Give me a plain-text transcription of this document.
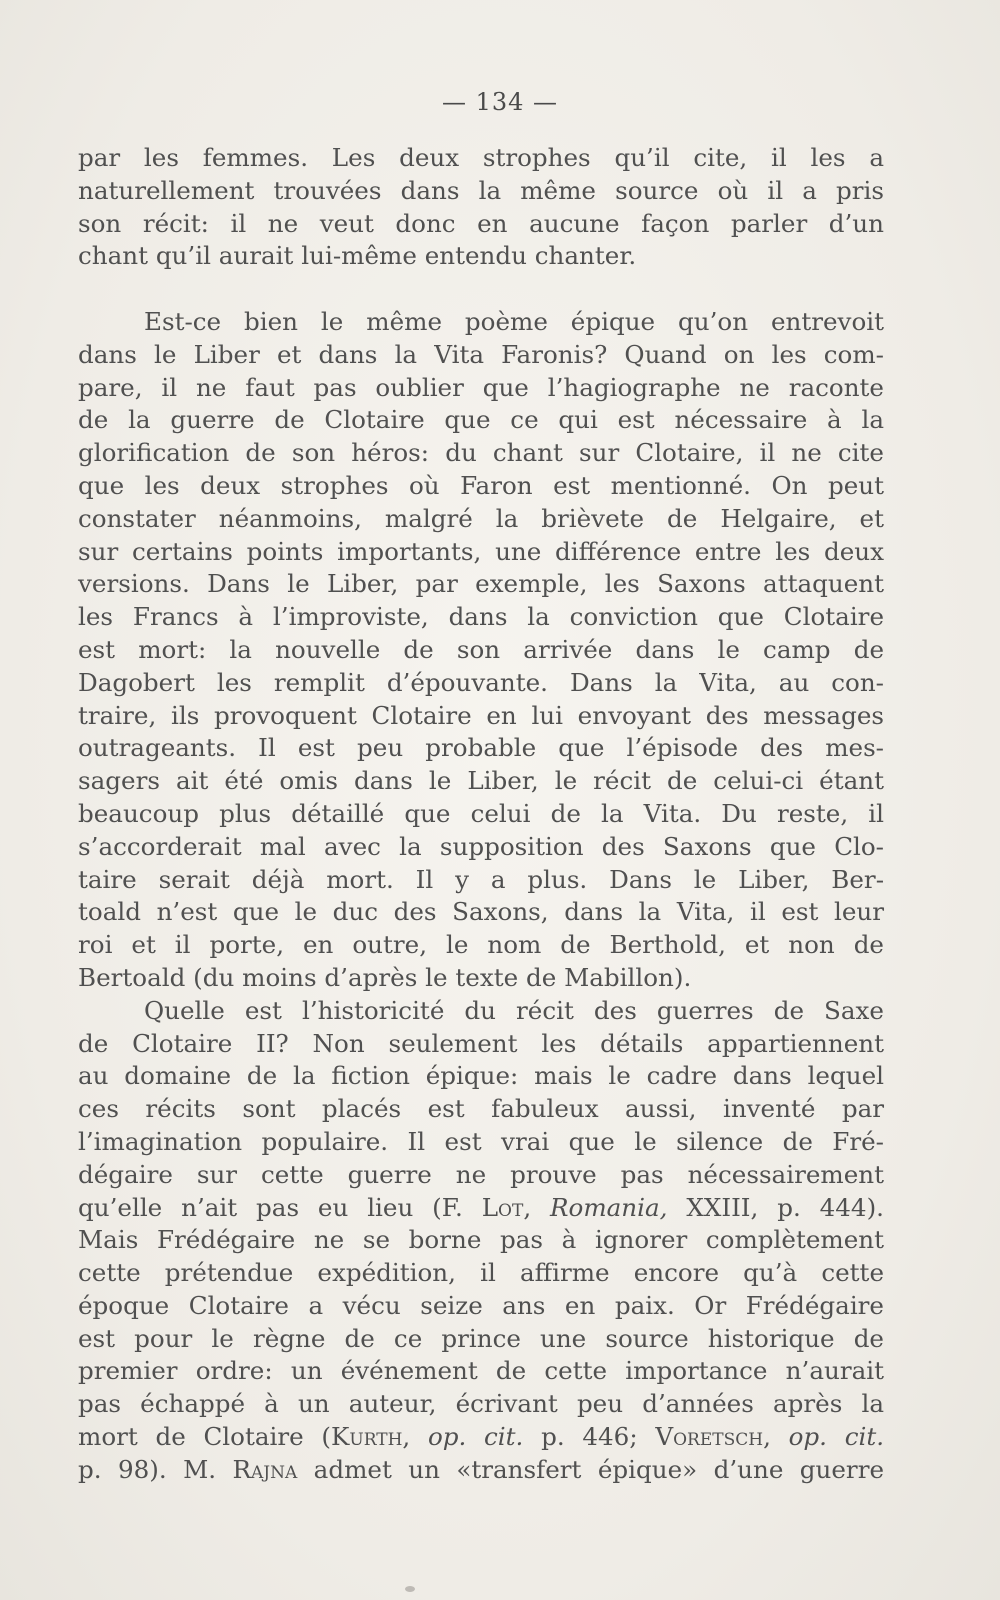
— 134 —
par les femmes. Les deux strophes qu’il cite, il les a
naturellement trouvées dans la même source où il a pris
son récit: il ne veut donc en aucune façon parler d’un
chant qu’il aurait lui-même entendu chanter.
Est-ce bien le même poème épique qu’on entrevoit
dans le Liber et dans la Vita Faronis? Quand on les com-
pare, il ne faut pas oublier que l’hagiographe ne raconte
de la guerre de Clotaire que ce qui est nécessaire à la
glorification de son héros: du chant sur Clotaire, il ne cite
que les deux strophes où Faron est mentionné. On peut
constater néanmoins, malgré la brièvete de Helgaire, et
sur certains points importants, une différence entre les deux
versions. Dans le Liber, par exemple, les Saxons attaquent
les Francs à l’improviste, dans la conviction que Clotaire
est mort: la nouvelle de son arrivée dans le camp de
Dagobert les remplit d’épouvante. Dans la Vita, au con-
traire, ils provoquent Clotaire en lui envoyant des messages
outrageants. Il est peu probable que l’épisode des mes-
sagers ait été omis dans le Liber, le récit de celui-ci étant
beaucoup plus détaillé que celui de la Vita. Du reste, il
s’accorderait mal avec la supposition des Saxons que Clo-
taire serait déjà mort. Il y a plus. Dans le Liber, Ber-
toald n’est que le duc des Saxons, dans la Vita, il est leur
roi et il porte, en outre, le nom de Berthold, et non de
Bertoald (du moins d’après le texte de Mabillon).
Quelle est l’historicité du récit des guerres de Saxe
de Clotaire II? Non seulement les détails appartiennent
au domaine de la fiction épique: mais le cadre dans lequel
ces récits sont placés est fabuleux aussi, inventé par
l’imagination populaire. Il est vrai que le silence de Fré-
dégaire sur cette guerre ne prouve pas nécessairement
qu’elle n’ait pas eu lieu (F. Lot, Romania, XXIII, p. 444).
Mais Frédégaire ne se borne pas à ignorer complètement
cette prétendue expédition, il affirme encore qu’à cette
époque Clotaire a vécu seize ans en paix. Or Frédégaire
est pour le règne de ce prince une source historique de
premier ordre: un événement de cette importance n’aurait
pas échappé à un auteur, écrivant peu d’années après la
mort de Clotaire (Kurth, op. cit. p. 446; Voretsch, op. cit.
p. 98). M. Rajna admet un «transfert épique» d’une guerre
